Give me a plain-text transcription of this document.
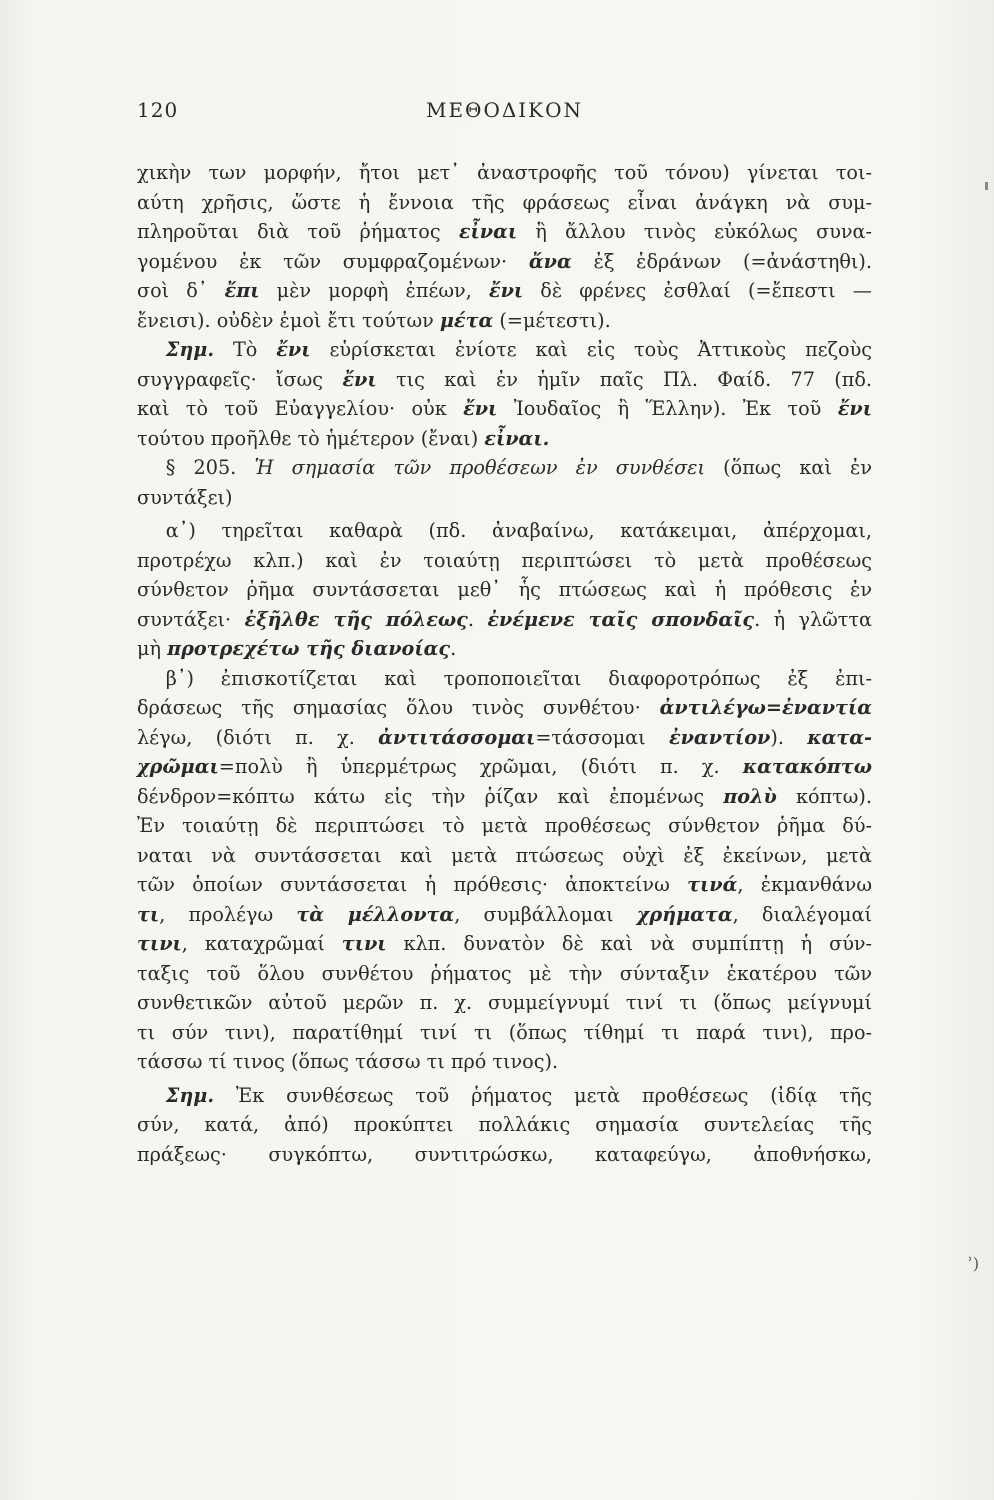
120	ΜΕΘΟΔΙΚΟΝ
χικὴν των μορφήν, ἤτοι μετ᾽ ἀναστροφῆς τοῦ τόνου) γίνεται τοι-
αύτη χρῆσις, ὥστε ἡ ἔννοια τῆς φράσεως εἶναι ἀνάγκη νὰ συμ-
πληροῦται διὰ τοῦ ῥήματος εἶναι ἢ ἄλλου τινὸς εὐκόλως συνα-
γομένου ἐκ τῶν συμφραζομένων· ἄνα ἐξ ἑδράνων (=ἀνάστηθι).
σοὶ δ᾽ ἔπι μὲν μορφὴ ἐπέων, ἔνι δὲ φρένες ἐσθλαί (=ἔπεστι —
ἔνεισι). οὐδὲν ἐμοὶ ἔτι τούτων μέτα (=μέτεστι).
  Σημ. Τὸ ἔνι εὑρίσκεται ἐνίοτε καὶ εἰς τοὺς Ἀττικοὺς πεζοὺς
συγγραφεῖς· ἴσως ἔνι τις καὶ ἐν ἡμῖν παῖς Πλ. Φαίδ. 77 (πδ.
καὶ τὸ τοῦ Εὐαγγελίου· οὐκ ἔνι Ἰουδαῖος ἢ Ἕλλην). Ἐκ τοῦ ἔνι
τούτου προῆλθε τὸ ἡμέτερον (ἔναι) εἶναι.
  § 205. Ἡ σημασία τῶν προθέσεων ἐν συνθέσει (ὅπως καὶ ἐν
συντάξει)
  α᾽) τηρεῖται καθαρὰ (πδ. ἀναβαίνω, κατάκειμαι, ἀπέρχομαι,
προτρέχω κλπ.) καὶ ἐν τοιαύτῃ περιπτώσει τὸ μετὰ προθέσεως
σύνθετον ῥῆμα συντάσσεται μεθ᾽ ἧς πτώσεως καὶ ἡ πρόθεσις ἐν
συντάξει· ἐξῆλθε τῆς πόλεως. ἐνέμενε ταῖς σπονδαῖς. ἡ γλῶττα
μὴ προτρεχέτω τῆς διανοίας.
  β᾽) ἐπισκοτίζεται καὶ τροποποιεῖται διαφοροτρόπως ἐξ ἐπι-
δράσεως τῆς σημασίας ὅλου τινὸς συνθέτου· ἀντιλέγω=ἐναντία
λέγω, (διότι π. χ. ἀντιτάσσομαι=τάσσομαι ἐναντίον). κατα-
χρῶμαι=πολὺ ἢ ὑπερμέτρως χρῶμαι, (διότι π. χ. κατακόπτω
δένδρον=κόπτω κάτω εἰς τὴν ῥίζαν καὶ ἐπομένως πολὺ κόπτω).
Ἐν τοιαύτῃ δὲ περιπτώσει τὸ μετὰ προθέσεως σύνθετον ῥῆμα δύ-
ναται νὰ συντάσσεται καὶ μετὰ πτώσεως οὐχὶ ἐξ ἐκείνων, μετὰ
τῶν ὁποίων συντάσσεται ἡ πρόθεσις· ἀποκτείνω τινά, ἐκμανθάνω
τι, προλέγω τὰ μέλλοντα, συμβάλλομαι χρήματα, διαλέγομαί
τινι, καταχρῶμαί τινι κλπ. δυνατὸν δὲ καὶ νὰ συμπίπτῃ ἡ σύν-
ταξις τοῦ ὅλου συνθέτου ῥήματος μὲ τὴν σύνταξιν ἑκατέρου τῶν
συνθετικῶν αὐτοῦ μερῶν π. χ. συμμείγνυμί τινί τι (ὅπως μείγνυμί
τι σύν τινι), παρατίθημί τινί τι (ὅπως τίθημί τι παρά τινι), προ-
τάσσω τί τινος (ὅπως τάσσω τι πρό τινος).
  Σημ. Ἐκ συνθέσεως τοῦ ῥήματος μετὰ προθέσεως (ἰδίᾳ τῆς
σύν, κατά, ἀπό) προκύπτει πολλάκις σημασία συντελείας τῆς
πράξεως· συγκόπτω, συντιτρώσκω, καταφεύγω, ἀποθνήσκω,
ʾ)
